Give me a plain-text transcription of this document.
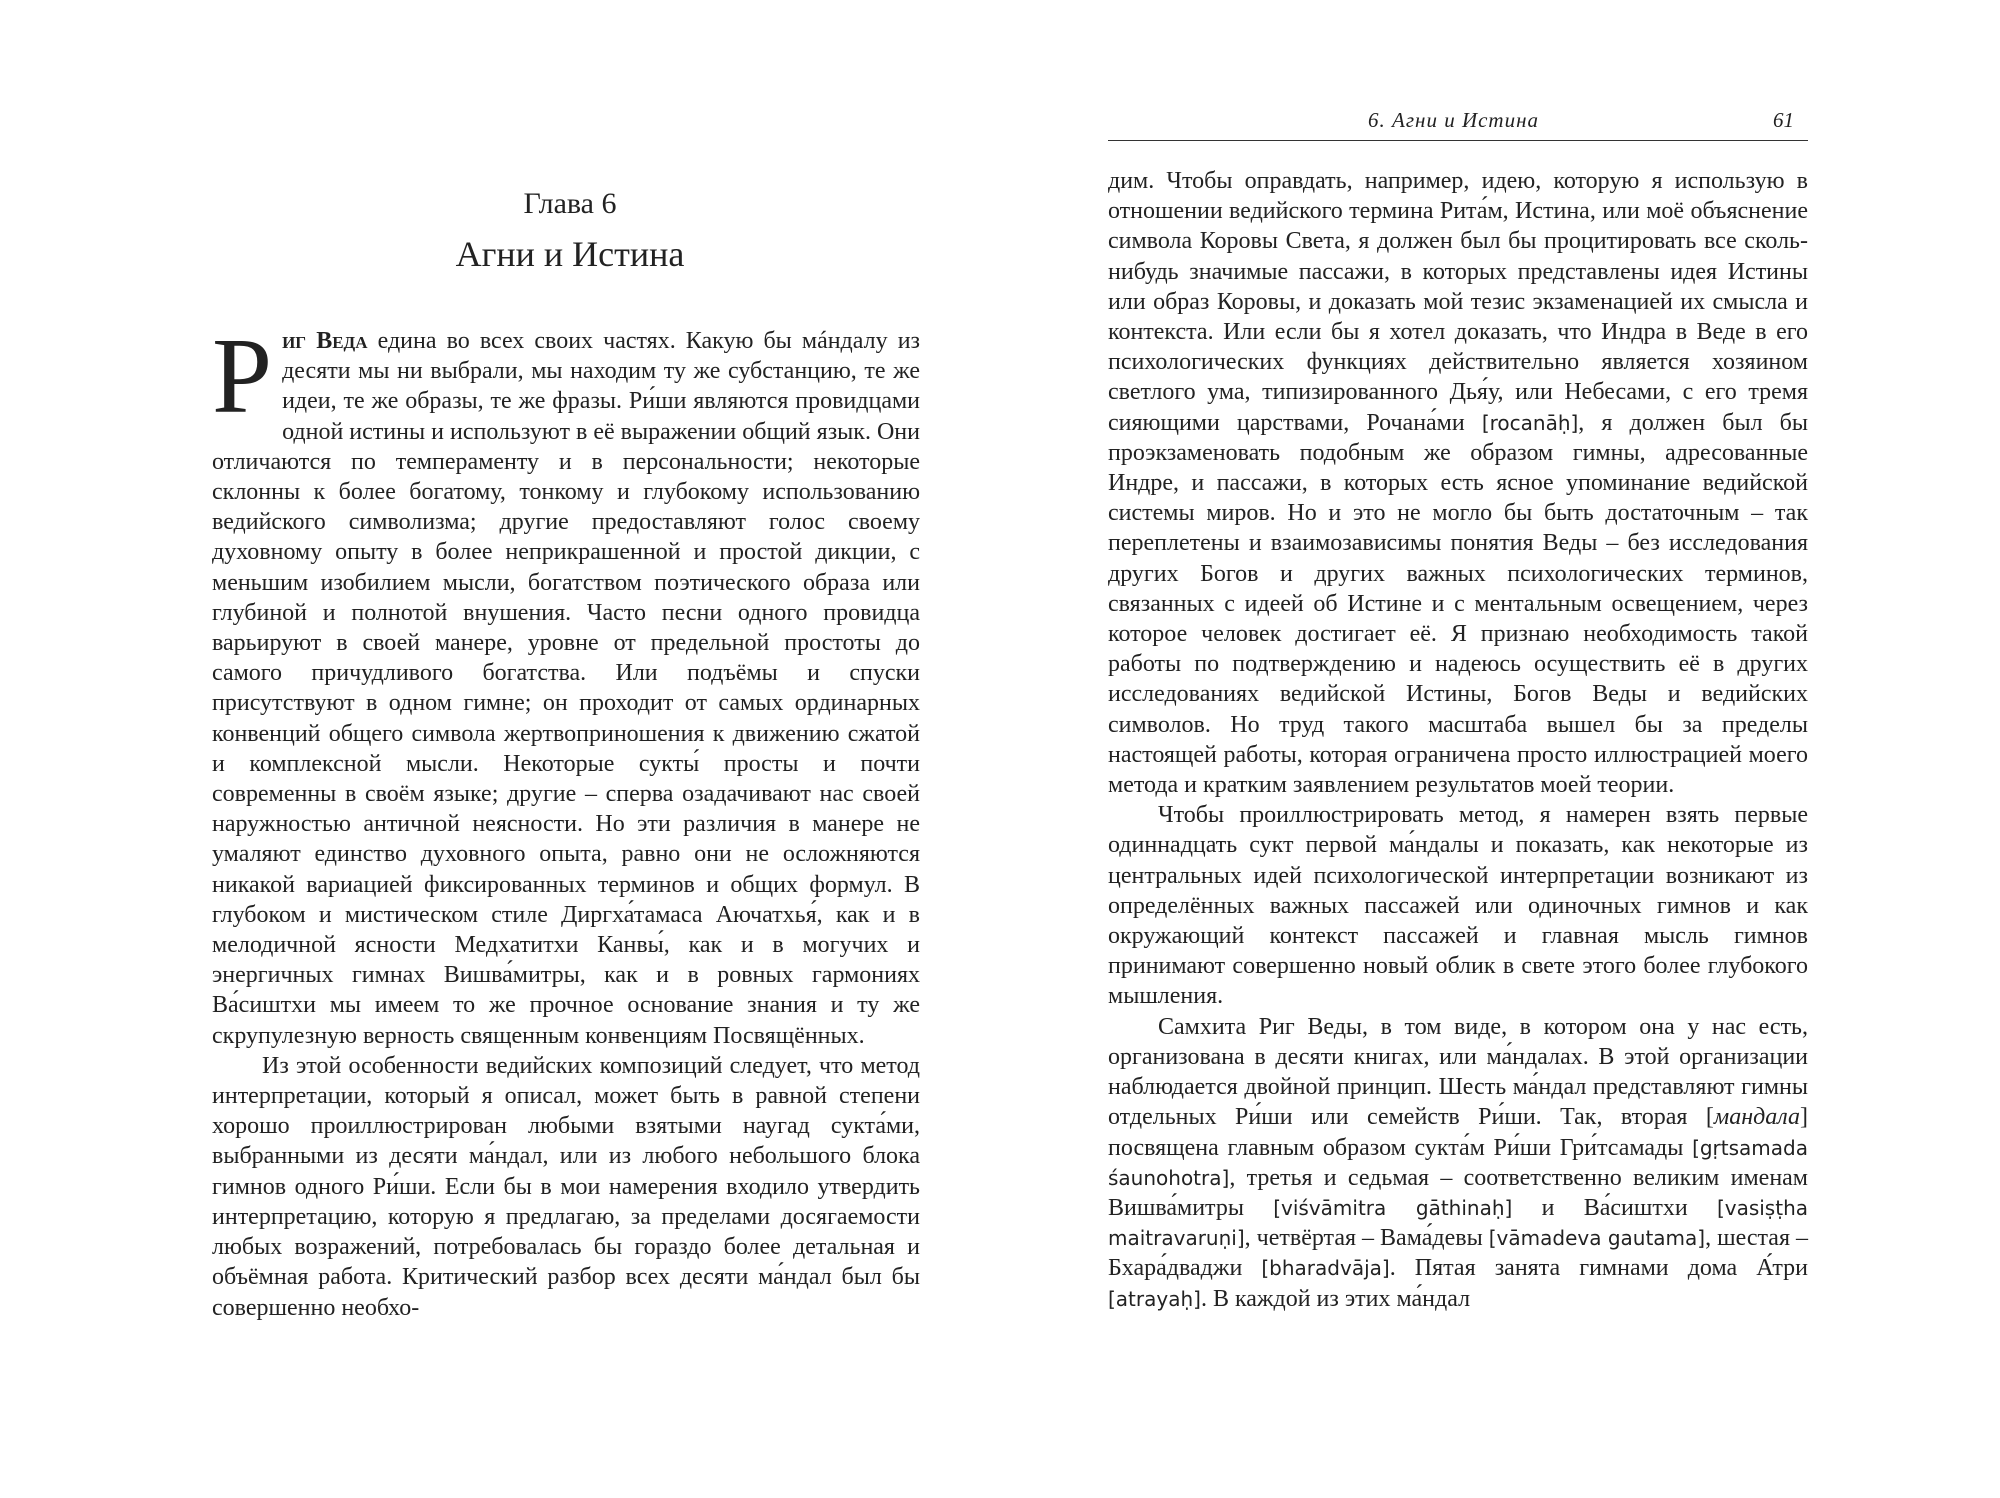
Глава 6
Агни и Истина

Риг Веда едина во всех своих частях. Какую бы мáндалу из десяти мы ни выбрали, мы находим ту же субстанцию, те же идеи, те же образы, те же фразы. Ри́ши являются провидцами одной истины и используют в её выражении общий язык. Они отличаются по темпераменту и в персональности; некоторые склонны к более богатому, тонкому и глубокому использованию ведийского символизма; другие предоставляют голос своему духовному опыту в более неприкрашенной и простой дикции, с меньшим изобилием мысли, богатством поэтического образа или глубиной и полнотой внушения. Часто песни одного провидца варьируют в своей манере, уровне от предельной простоты до самого причудливого богатства. Или подъёмы и спуски присутствуют в одном гимне; он проходит от самых ординарных конвенций общего символа жертвоприношения к движению сжатой и комплексной мысли. Некоторые сукты́ просты и почти современны в своём языке; другие – сперва озадачивают нас своей наружностью античной неясности. Но эти различия в манере не умаляют единство духовного опыта, равно они не осложняются никакой вариацией фиксированных терминов и общих формул. В глубоком и мистическом стиле Диргха́тамаса Аючатхья́, как и в мелодичной ясности Медхатитхи Канвы́, как и в могучих и энергичных гимнах Вишва́митры, как и в ровных гармониях Ва́сиштхи мы имеем то же прочное основание знания и ту же скрупулезную верность священным конвенциям Посвящённых.

Из этой особенности ведийских композиций следует, что метод интерпретации, который я описал, может быть в равной степени хорошо проиллюстрирован любыми взятыми наугад сукта́ми, выбранными из десяти ма́ндал, или из любого небольшого блока гимнов одного Ри́ши. Если бы в мои намерения входило утвердить интерпретацию, которую я предлагаю, за пределами досягаемости любых возражений, потребовалась бы гораздо более детальная и объёмная работа. Критический разбор всех десяти ма́ндал был бы совершенно необхо-

6. Агни и Истина	61

дим. Чтобы оправдать, например, идею, которую я использую в отношении ведийского термина Рита́м, Истина, или моё объяснение символа Коровы Света, я должен был бы процитировать все сколь-нибудь значимые пассажи, в которых представлены идея Истины или образ Коровы, и доказать мой тезис экзаменацией их смысла и контекста. Или если бы я хотел доказать, что Индра в Веде в его психологических функциях действительно является хозяином светлого ума, типизированного Дья́у, или Небесами, с его тремя сияющими царствами, Рочана́ми [rocanāḥ], я должен был бы проэкзаменовать подобным же образом гимны, адресованные Индре, и пассажи, в которых есть ясное упоминание ведийской системы миров. Но и это не могло бы быть достаточным – так переплетены и взаимозависимы понятия Веды – без исследования других Богов и других важных психологических терминов, связанных с идеей об Истине и с ментальным освещением, через которое человек достигает её. Я признаю необходимость такой работы по подтверждению и надеюсь осуществить её в других исследованиях ведийской Истины, Богов Веды и ведийских символов. Но труд такого масштаба вышел бы за пределы настоящей работы, которая ограничена просто иллюстрацией моего метода и кратким заявлением результатов моей теории.

Чтобы проиллюстрировать метод, я намерен взять первые одиннадцать сукт первой ма́ндалы и показать, как некоторые из центральных идей психологической интерпретации возникают из определённых важных пассажей или одиночных гимнов и как окружающий контекст пассажей и главная мысль гимнов принимают совершенно новый облик в свете этого более глубокого мышления.

Самхита Риг Веды, в том виде, в котором она у нас есть, организована в десяти книгах, или ма́ндалах. В этой организации наблюдается двойной принцип. Шесть ма́ндал представляют гимны отдельных Ри́ши или семейств Ри́ши. Так, вторая [мандала] посвящена главным образом сукта́м Ри́ши Гри́тсамады [gṛtsamada śaunohotra], третья и седьмая – соответственно великим именам Вишва́митры [viśvāmitra gāthinaḥ] и Ва́сиштхи [vasiṣṭha maitravaruṇi], четвёртая – Вама́девы [vāmadeva gautama], шестая – Бхара́дваджи [bharadvāja]. Пятая занята гимнами дома А́три [atrayaḥ]. В каждой из этих ма́ндал
